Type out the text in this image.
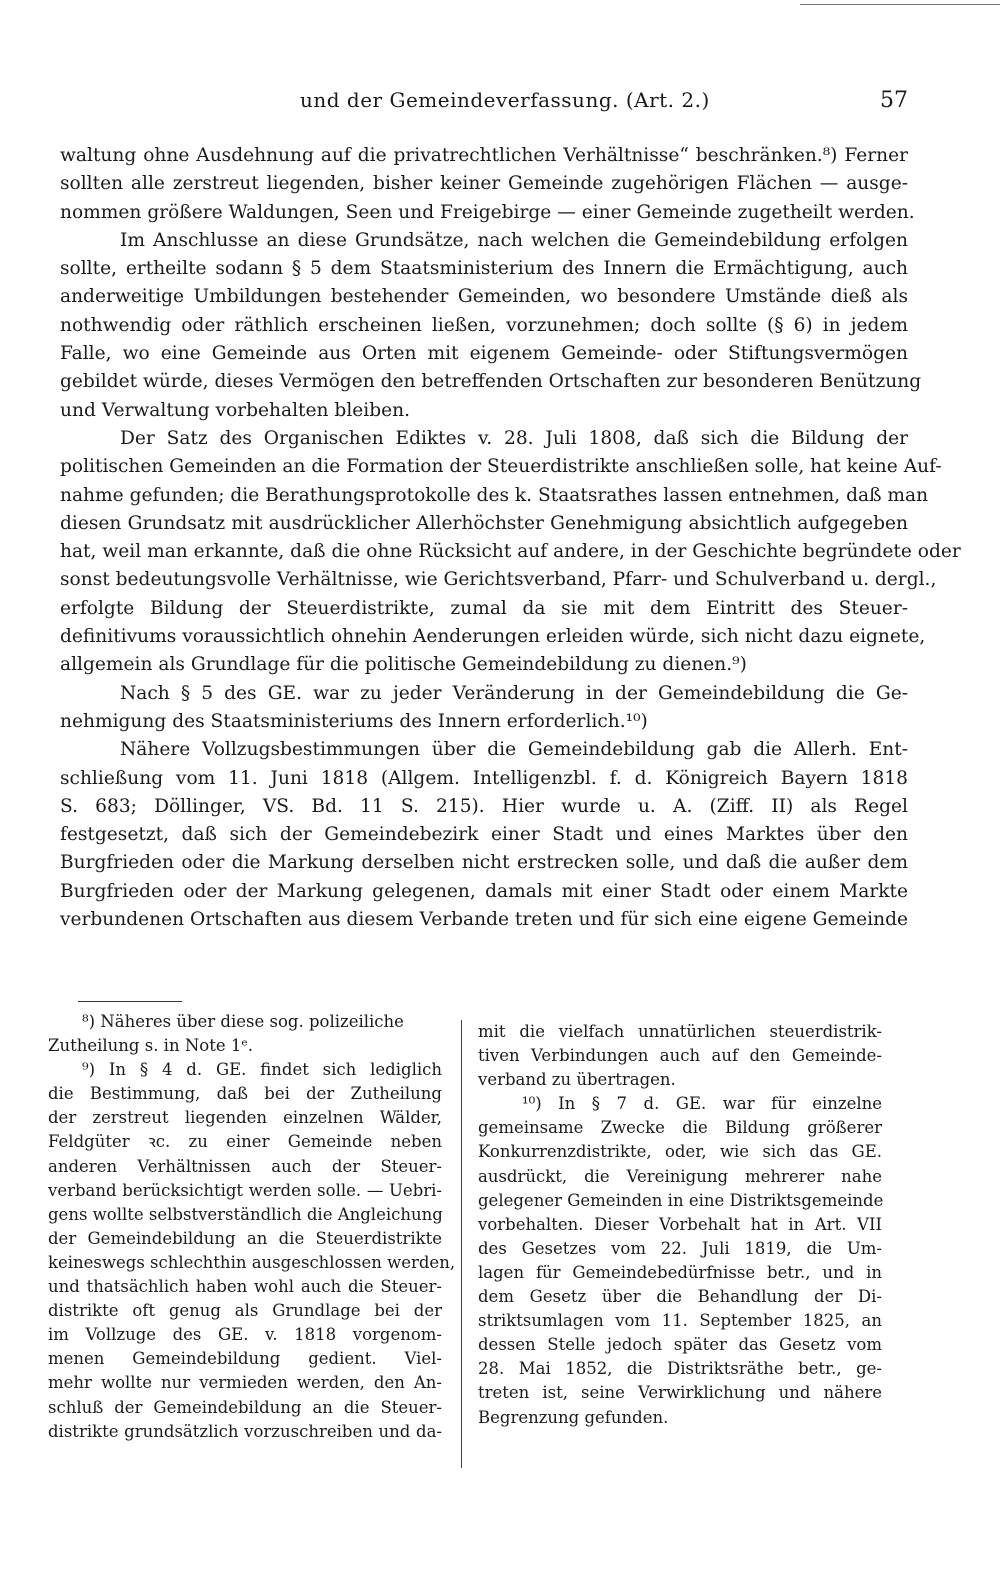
und der Gemeindeverfassung. (Art. 2.)	57
waltung ohne Ausdehnung auf die privatrechtlichen Verhältnisse“ beschränken.⁸) Ferner
sollten alle zerstreut liegenden, bisher keiner Gemeinde zugehörigen Flächen — ausge-
nommen größere Waldungen, Seen und Freigebirge — einer Gemeinde zugetheilt werden.
Im Anschlusse an diese Grundsätze, nach welchen die Gemeindebildung erfolgen
sollte, ertheilte sodann § 5 dem Staatsministerium des Innern die Ermächtigung, auch
anderweitige Umbildungen bestehender Gemeinden, wo besondere Umstände dieß als
nothwendig oder räthlich erscheinen ließen, vorzunehmen; doch sollte (§ 6) in jedem
Falle, wo eine Gemeinde aus Orten mit eigenem Gemeinde- oder Stiftungsvermögen
gebildet würde, dieses Vermögen den betreffenden Ortschaften zur besonderen Benützung
und Verwaltung vorbehalten bleiben.
Der Satz des Organischen Ediktes v. 28. Juli 1808, daß sich die Bildung der
politischen Gemeinden an die Formation der Steuerdistrikte anschließen solle, hat keine Auf-
nahme gefunden; die Berathungsprotokolle des k. Staatsrathes lassen entnehmen, daß man
diesen Grundsatz mit ausdrücklicher Allerhöchster Genehmigung absichtlich aufgegeben
hat, weil man erkannte, daß die ohne Rücksicht auf andere, in der Geschichte begründete oder
sonst bedeutungsvolle Verhältnisse, wie Gerichtsverband, Pfarr- und Schulverband u. dergl.,
erfolgte Bildung der Steuerdistrikte, zumal da sie mit dem Eintritt des Steuer-
definitivums voraussichtlich ohnehin Aenderungen erleiden würde, sich nicht dazu eignete,
allgemein als Grundlage für die politische Gemeindebildung zu dienen.⁹)
Nach § 5 des GE. war zu jeder Veränderung in der Gemeindebildung die Ge-
nehmigung des Staatsministeriums des Innern erforderlich.¹⁰)
Nähere Vollzugsbestimmungen über die Gemeindebildung gab die Allerh. Ent-
schließung vom 11. Juni 1818 (Allgem. Intelligenzbl. f. d. Königreich Bayern 1818
S. 683; Döllinger, VS. Bd. 11 S. 215). Hier wurde u. A. (Ziff. II) als Regel
festgesetzt, daß sich der Gemeindebezirk einer Stadt und eines Marktes über den
Burgfrieden oder die Markung derselben nicht erstrecken solle, und daß die außer dem
Burgfrieden oder der Markung gelegenen, damals mit einer Stadt oder einem Markte
verbundenen Ortschaften aus diesem Verbande treten und für sich eine eigene Gemeinde
⁸) Näheres über diese sog. polizeiliche
Zutheilung s. in Note 1ᵉ.
⁹) In § 4 d. GE. findet sich lediglich
die Bestimmung, daß bei der Zutheilung
der zerstreut liegenden einzelnen Wälder,
Feldgüter ꝛc. zu einer Gemeinde neben
anderen Verhältnissen auch der Steuer-
verband berücksichtigt werden solle. — Uebri-
gens wollte selbstverständlich die Angleichung
der Gemeindebildung an die Steuerdistrikte
keineswegs schlechthin ausgeschlossen werden,
und thatsächlich haben wohl auch die Steuer-
distrikte oft genug als Grundlage bei der
im Vollzuge des GE. v. 1818 vorgenom-
menen Gemeindebildung gedient. Viel-
mehr wollte nur vermieden werden, den An-
schluß der Gemeindebildung an die Steuer-
distrikte grundsätzlich vorzuschreiben und da-
mit die vielfach unnatürlichen steuerdistrik-
tiven Verbindungen auch auf den Gemeinde-
verband zu übertragen.
¹⁰) In § 7 d. GE. war für einzelne
gemeinsame Zwecke die Bildung größerer
Konkurrenzdistrikte, oder, wie sich das GE.
ausdrückt, die Vereinigung mehrerer nahe
gelegener Gemeinden in eine Distriktsgemeinde
vorbehalten. Dieser Vorbehalt hat in Art. VII
des Gesetzes vom 22. Juli 1819, die Um-
lagen für Gemeindebedürfnisse betr., und in
dem Gesetz über die Behandlung der Di-
striktsumlagen vom 11. September 1825, an
dessen Stelle jedoch später das Gesetz vom
28. Mai 1852, die Distriktsräthe betr., ge-
treten ist, seine Verwirklichung und nähere
Begrenzung gefunden.
